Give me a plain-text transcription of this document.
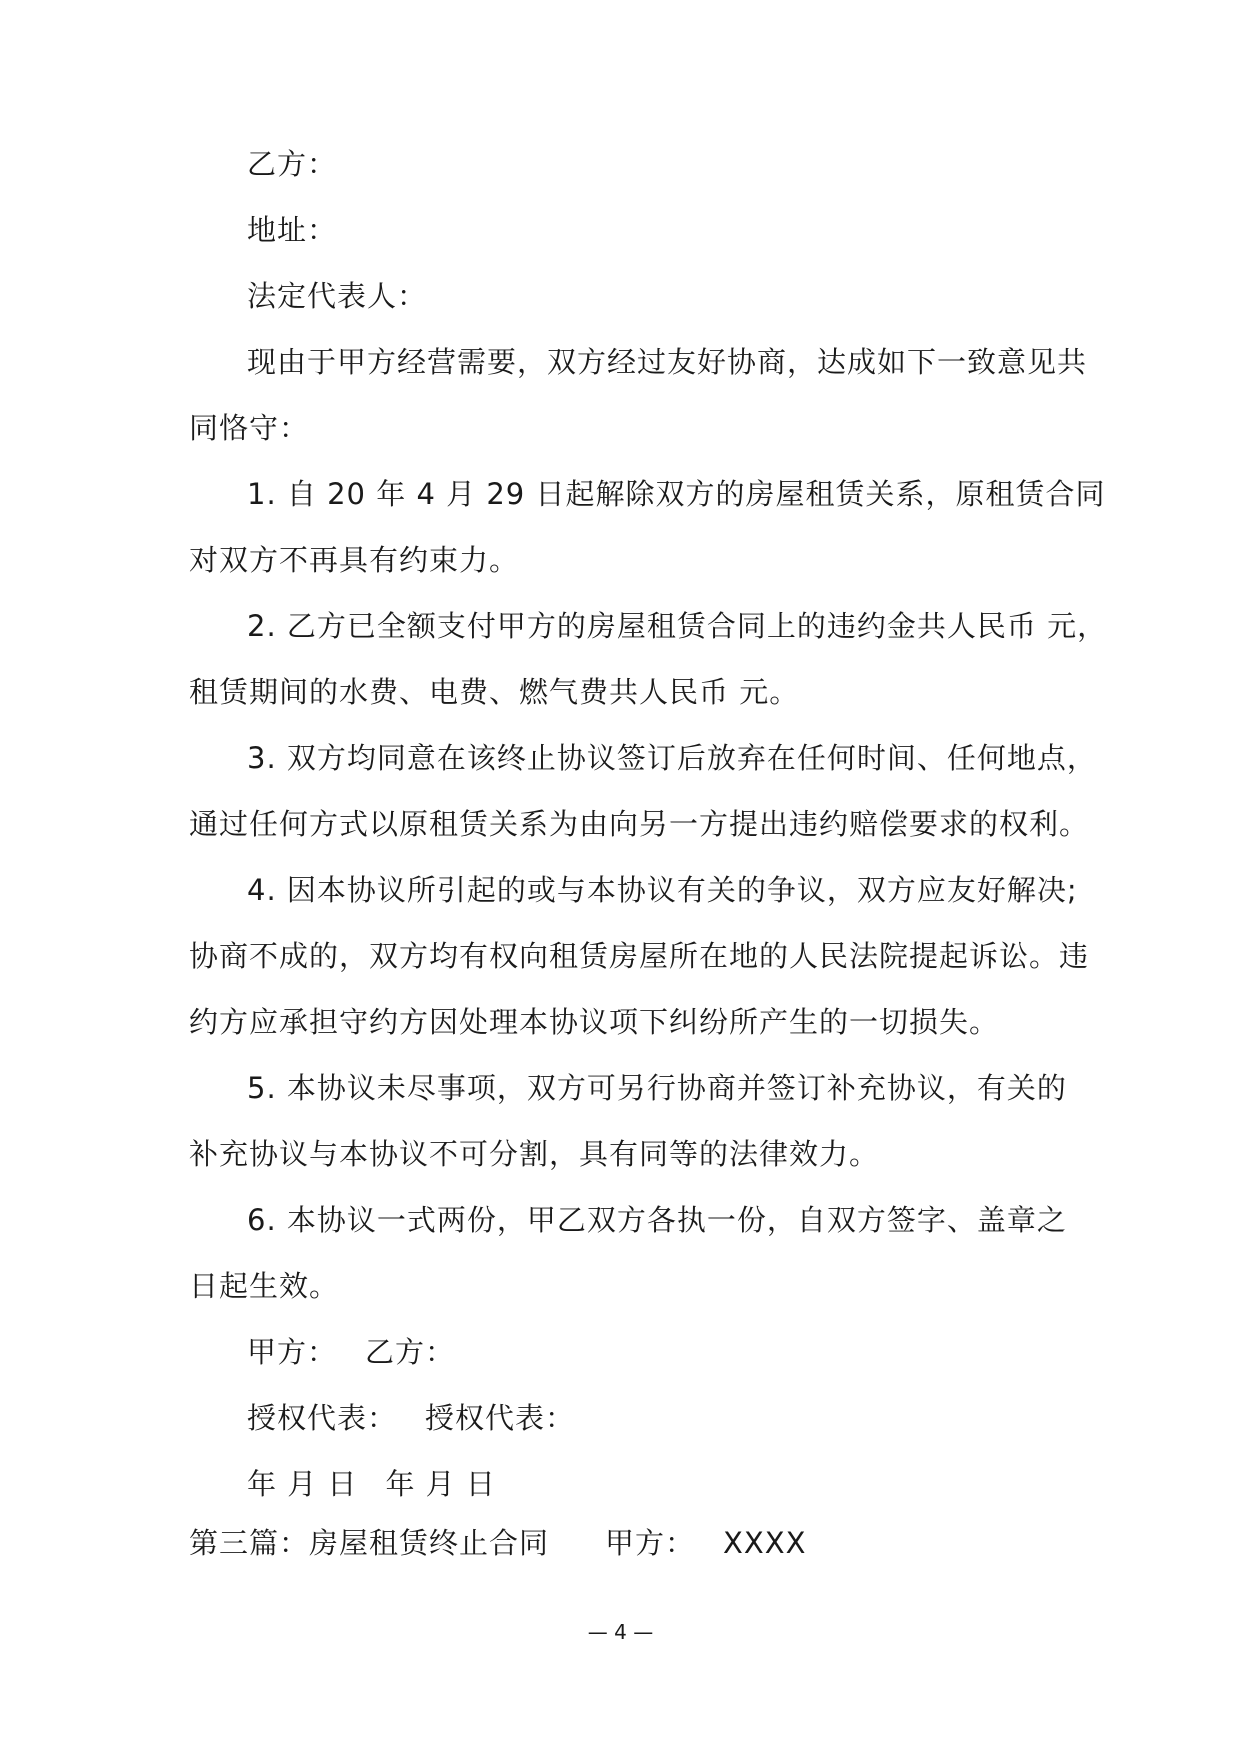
乙方：
地址：
法定代表人：
现由于甲方经营需要，双方经过友好协商，达成如下一致意见共
同恪守：
1. 自 20 年 4 月 29 日起解除双方的房屋租赁关系，原租赁合同
对双方不再具有约束力。
2. 乙方已全额支付甲方的房屋租赁合同上的违约金共人民币 元，
租赁期间的水费、电费、燃气费共人民币 元。
3. 双方均同意在该终止协议签订后放弃在任何时间、任何地点，
通过任何方式以原租赁关系为由向另一方提出违约赔偿要求的权利。
4. 因本协议所引起的或与本协议有关的争议，双方应友好解决;
协商不成的，双方均有权向租赁房屋所在地的人民法院提起诉讼。违
约方应承担守约方因处理本协议项下纠纷所产生的一切损失。
5. 本协议未尽事项，双方可另行协商并签订补充协议，有关的
补充协议与本协议不可分割，具有同等的法律效力。
6. 本协议一式两份，甲乙双方各执一份，自双方签字、盖章之
日起生效。
甲方： 乙方：
授权代表： 授权代表：
年 月 日 年 月 日
第三篇：房屋租赁终止合同 甲方： XXXX
— 4 —
